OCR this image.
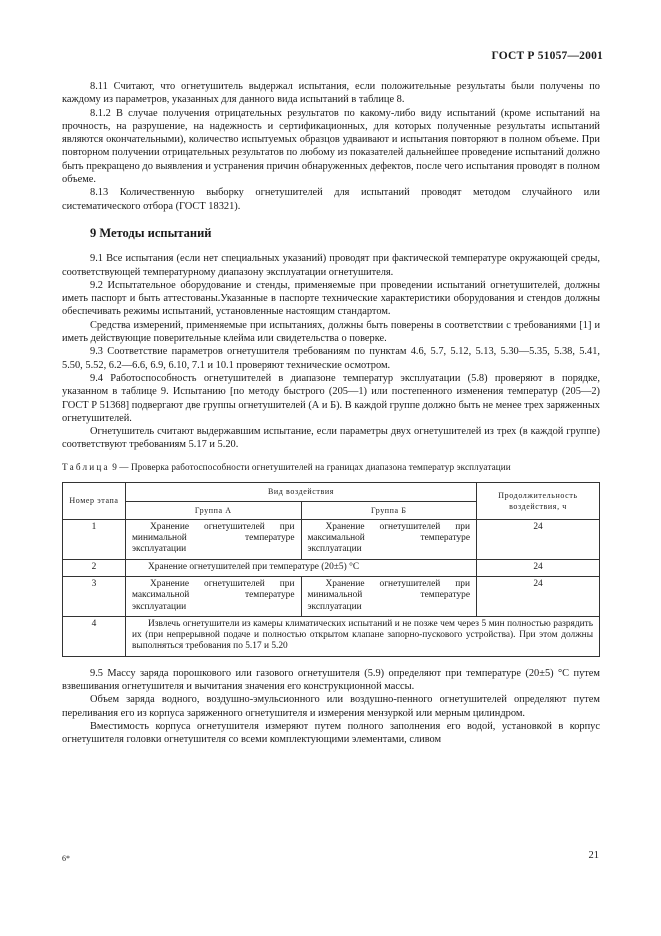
ГОСТ Р 51057—2001

8.11 Считают, что огнетушитель выдержал испытания, если положительные результаты были получены по каждому из параметров, указанных для данного вида испытаний в таблице 8.

8.1.2 В случае получения отрицательных результатов по какому-либо виду испытаний (кроме испытаний на прочность, на разрушение, на надежность и сертификационных, для которых полученные результаты испытаний являются окончательными), количество испытуемых образцов удваивают и испытания повторяют в полном объеме. При повторном получении отрицательных результатов по любому из показателей дальнейшее проведение испытаний должно быть прекращено до выявления и устранения причин обнаруженных дефектов, после чего испытания проводят в полном объеме.

8.13 Количественную выборку огнетушителей для испытаний проводят методом случайного или систематического отбора (ГОСТ 18321).

9 Методы испытаний

9.1 Все испытания (если нет специальных указаний) проводят при фактической температуре окружающей среды, соответствующей температурному диапазону эксплуатации огнетушителя.

9.2 Испытательное оборудование и стенды, применяемые при проведении испытаний огнетушителей, должны иметь паспорт и быть аттестованы.Указанные в паспорте технические характеристики оборудования и стендов должны обеспечивать режимы испытаний, установленные настоящим стандартом.

Средства измерений, применяемые при испытаниях, должны быть поверены в соответствии с требованиями [1] и иметь действующие поверительные клейма или свидетельства о поверке.

9.3 Соответствие параметров огнетушителя требованиям по пунктам 4.6, 5.7, 5.12, 5.13, 5.30—5.35, 5.38, 5.41, 5.50, 5.52, 6.2—6.6, 6.9, 6.10, 7.1 и 10.1 проверяют технические осмотром.

9.4 Работоспособность огнетушителей в диапазоне температур эксплуатации (5.8) проверяют в порядке, указанном в таблице 9. Испытанию [по методу быстрого (205—1) или постепенного изменения температур (205—2) ГОСТ Р 51368] подвергают две группы огнетушителей (А и Б). В каждой группе должно быть не менее трех заряженных огнетушителей.

Огнетушитель считают выдержавшим испытание, если параметры двух огнетушителей из трех (в каждой группе) соответствуют требованиям 5.17 и 5.20.

Таблица 9 — Проверка работоспособности огнетушителей на границах диапазона температур эксплуатации
Номер этапа	Вид воздействия		Продолжительность воздействия, ч
	Группа А	Группа Б	
1	Хранение огнетушителей при минимальной температуре эксплуатации	Хранение огнетушителей при максимальной температуре эксплуатации	24
2	Хранение огнетушителей при температуре (20±5) °С		24
3	Хранение огнетушителей при максимальной температуре эксплуатации	Хранение огнетушителей при минимальной температуре эксплуатации	24
4	Извлечь огнетушители из камеры климатических испытаний и не позже чем через 5 мин полностью разрядить их (при непрерывной подаче и полностью открытом клапане запорно-пускового устройства). При этом должны выполняться требования по 5.17 и 5.20		

9.5 Массу заряда порошкового или газового огнетушителя (5.9) определяют при температуре (20±5) °С путем взвешивания огнетушителя и вычитания значения его конструкционной массы.

Объем заряда водного, воздушно-эмульсионного или воздушно-пенного огнетушителей определяют путем переливания его из корпуса заряженного огнетушителя и измерения мензуркой или мерным цилиндром.

Вместимость корпуса огнетушителя измеряют путем полного заполнения его водой, установкой в корпус огнетушителя головки огнетушителя со всеми комплектующими элементами, сливом

6*	21
